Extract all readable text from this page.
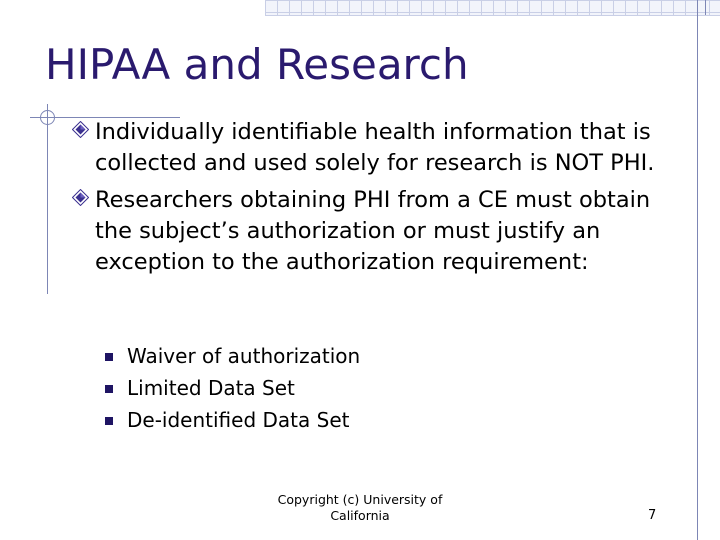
HIPAA and Research
Individually identifiable health information that is collected and used solely for research is NOT PHI.
Researchers obtaining PHI from a CE must obtain the subject’s authorization or must justify an exception to the authorization requirement:
Waiver of authorization
Limited Data Set
De-identified Data Set
Copyright (c) University of California	7
